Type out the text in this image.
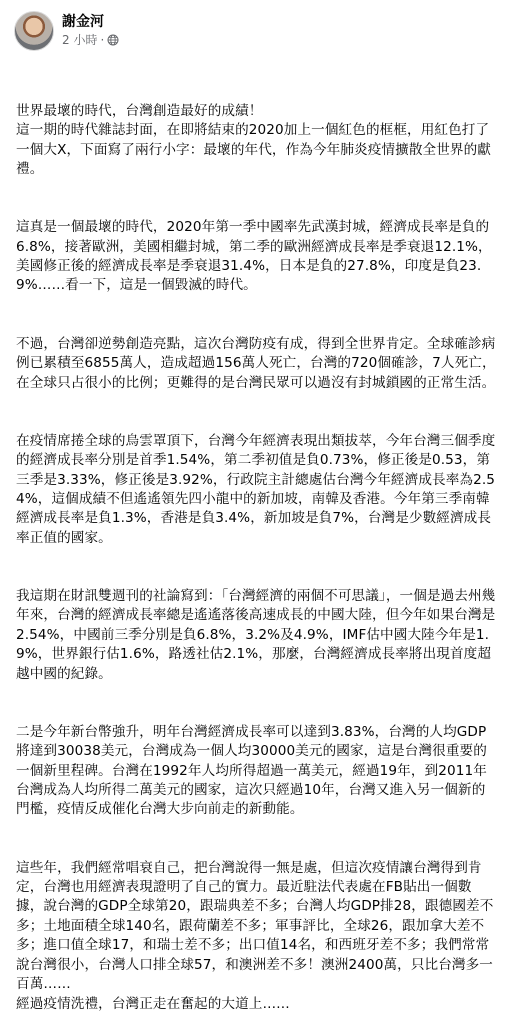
謝金河
2 小時 ·

世界最壞的時代，台灣創造最好的成績！
這一期的時代雜誌封面，在即將結束的2020加上一個紅色的框框，用紅色打了一個大X，下面寫了兩行小字：最壞的年代，作為今年肺炎疫情擴散全世界的獻禮。

這真是一個最壞的時代，2020年第一季中國率先武漢封城，經濟成長率是負的6.8%，接著歐洲，美國相繼封城，第二季的歐洲經濟成長率是季衰退12.1%，美國修正後的經濟成長率是季衰退31.4%，日本是負的27.8%，印度是負23.9%……看一下，這是一個毀滅的時代。

不過，台灣卻逆勢創造亮點，這次台灣防疫有成，得到全世界肯定。全球確診病例已累積至6855萬人，造成超過156萬人死亡，台灣的720個確診，7人死亡，在全球只占很小的比例；更難得的是台灣民眾可以過沒有封城鎖國的正常生活。

在疫情席捲全球的烏雲罩頂下，台灣今年經濟表現出類拔萃，今年台灣三個季度的經濟成長率分別是首季1.54%，第二季初值是負0.73%，修正後是0.53，第三季是3.33%，修正後是3.92%，行政院主計總處估台灣今年經濟成長率為2.54%，這個成績不但遙遙領先四小龍中的新加坡，南韓及香港。今年第三季南韓經濟成長率是負1.3%，香港是負3.4%，新加坡是負7%，台灣是少數經濟成長率正值的國家。

我這期在財訊雙週刊的社論寫到：「台灣經濟的兩個不可思議」，一個是過去州幾年來，台灣的經濟成長率總是遙遙落後高速成長的中國大陸，但今年如果台灣是2.54%，中國前三季分別是負6.8%，3.2%及4.9%，IMF估中國大陸今年是1.9%，世界銀行估1.6%，路透社估2.1%，那麼，台灣經濟成長率將出現首度超越中國的紀錄。

二是今年新台幣強升，明年台灣經濟成長率可以達到3.83%，台灣的人均GDP將達到30038美元，台灣成為一個人均30000美元的國家，這是台灣很重要的一個新里程碑。台灣在1992年人均所得超過一萬美元，經過19年，到2011年台灣成為人均所得二萬美元的國家，這次只經過10年，台灣又進入另一個新的門檻，疫情反成催化台灣大步向前走的新動能。

這些年，我們經常唱衰自己，把台灣說得一無是處，但這次疫情讓台灣得到肯定，台灣也用經濟表現證明了自己的實力。最近駐法代表處在FB貼出一個數據，說台灣的GDP全球第20，跟瑞典差不多；台灣人均GDP排28，跟德國差不多；土地面積全球140名，跟荷蘭差不多；軍事評比，全球26，跟加拿大差不多；進口值全球17，和瑞士差不多；出口值14名，和西班牙差不多；我們常常說台灣很小，台灣人口排全球57，和澳洲差不多！澳洲2400萬，只比台灣多一百萬……
經過疫情洗禮，台灣正走在奮起的大道上……
